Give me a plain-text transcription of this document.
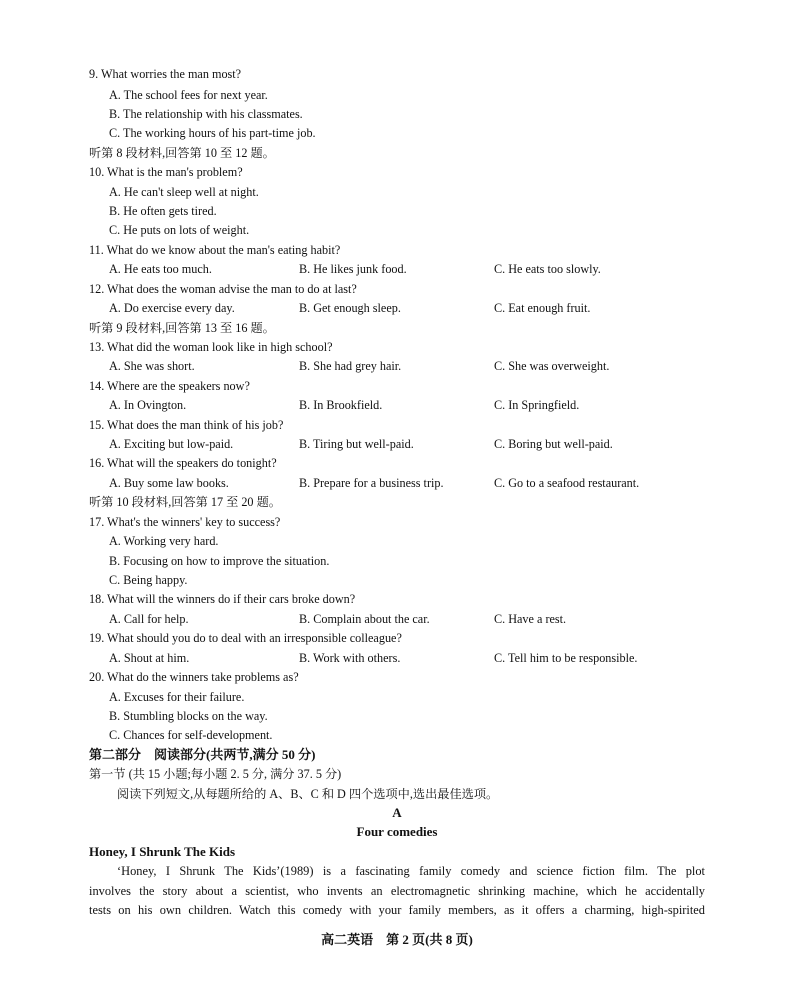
9. What worries the man most?
A. The school fees for next year.
B. The relationship with his classmates.
C. The working hours of his part-time job.
听第 8 段材料,回答第 10 至 12 题。
10. What is the man's problem?
A. He can't sleep well at night.
B. He often gets tired.
C. He puts on lots of weight.
11. What do we know about the man's eating habit?
A. He eats too much.	B. He likes junk food.	C. He eats too slowly.
12. What does the woman advise the man to do at last?
A. Do exercise every day.	B. Get enough sleep.	C. Eat enough fruit.
听第 9 段材料,回答第 13 至 16 题。
13. What did the woman look like in high school?
A. She was short.	B. She had grey hair.	C. She was overweight.
14. Where are the speakers now?
A. In Ovington.	B. In Brookfield.	C. In Springfield.
15. What does the man think of his job?
A. Exciting but low-paid.	B. Tiring but well-paid.	C. Boring but well-paid.
16. What will the speakers do tonight?
A. Buy some law books.	B. Prepare for a business trip.	C. Go to a seafood restaurant.
听第 10 段材料,回答第 17 至 20 题。
17. What's the winners' key to success?
A. Working very hard.
B. Focusing on how to improve the situation.
C. Being happy.
18. What will the winners do if their cars broke down?
A. Call for help.	B. Complain about the car.	C. Have a rest.
19. What should you do to deal with an irresponsible colleague?
A. Shout at him.	B. Work with others.	C. Tell him to be responsible.
20. What do the winners take problems as?
A. Excuses for their failure.
B. Stumbling blocks on the way.
C. Chances for self-development.
第二部分　阅读部分(共两节,满分 50 分)
第一节 (共 15 小题;每小题 2. 5 分, 满分 37. 5 分)
阅读下列短文,从每题所给的 A、B、C 和 D 四个选项中,选出最佳选项。
A
Four comedies
Honey, I Shrunk The Kids
‘Honey, I Shrunk The Kids’(1989) is a fascinating family comedy and science fiction film. The plot
involves the story about a scientist, who invents an electromagnetic shrinking machine, which he accidentally
tests on his own children. Watch this comedy with your family members, as it offers a charming, high-spirited
高二英语　第 2 页(共 8 页)
